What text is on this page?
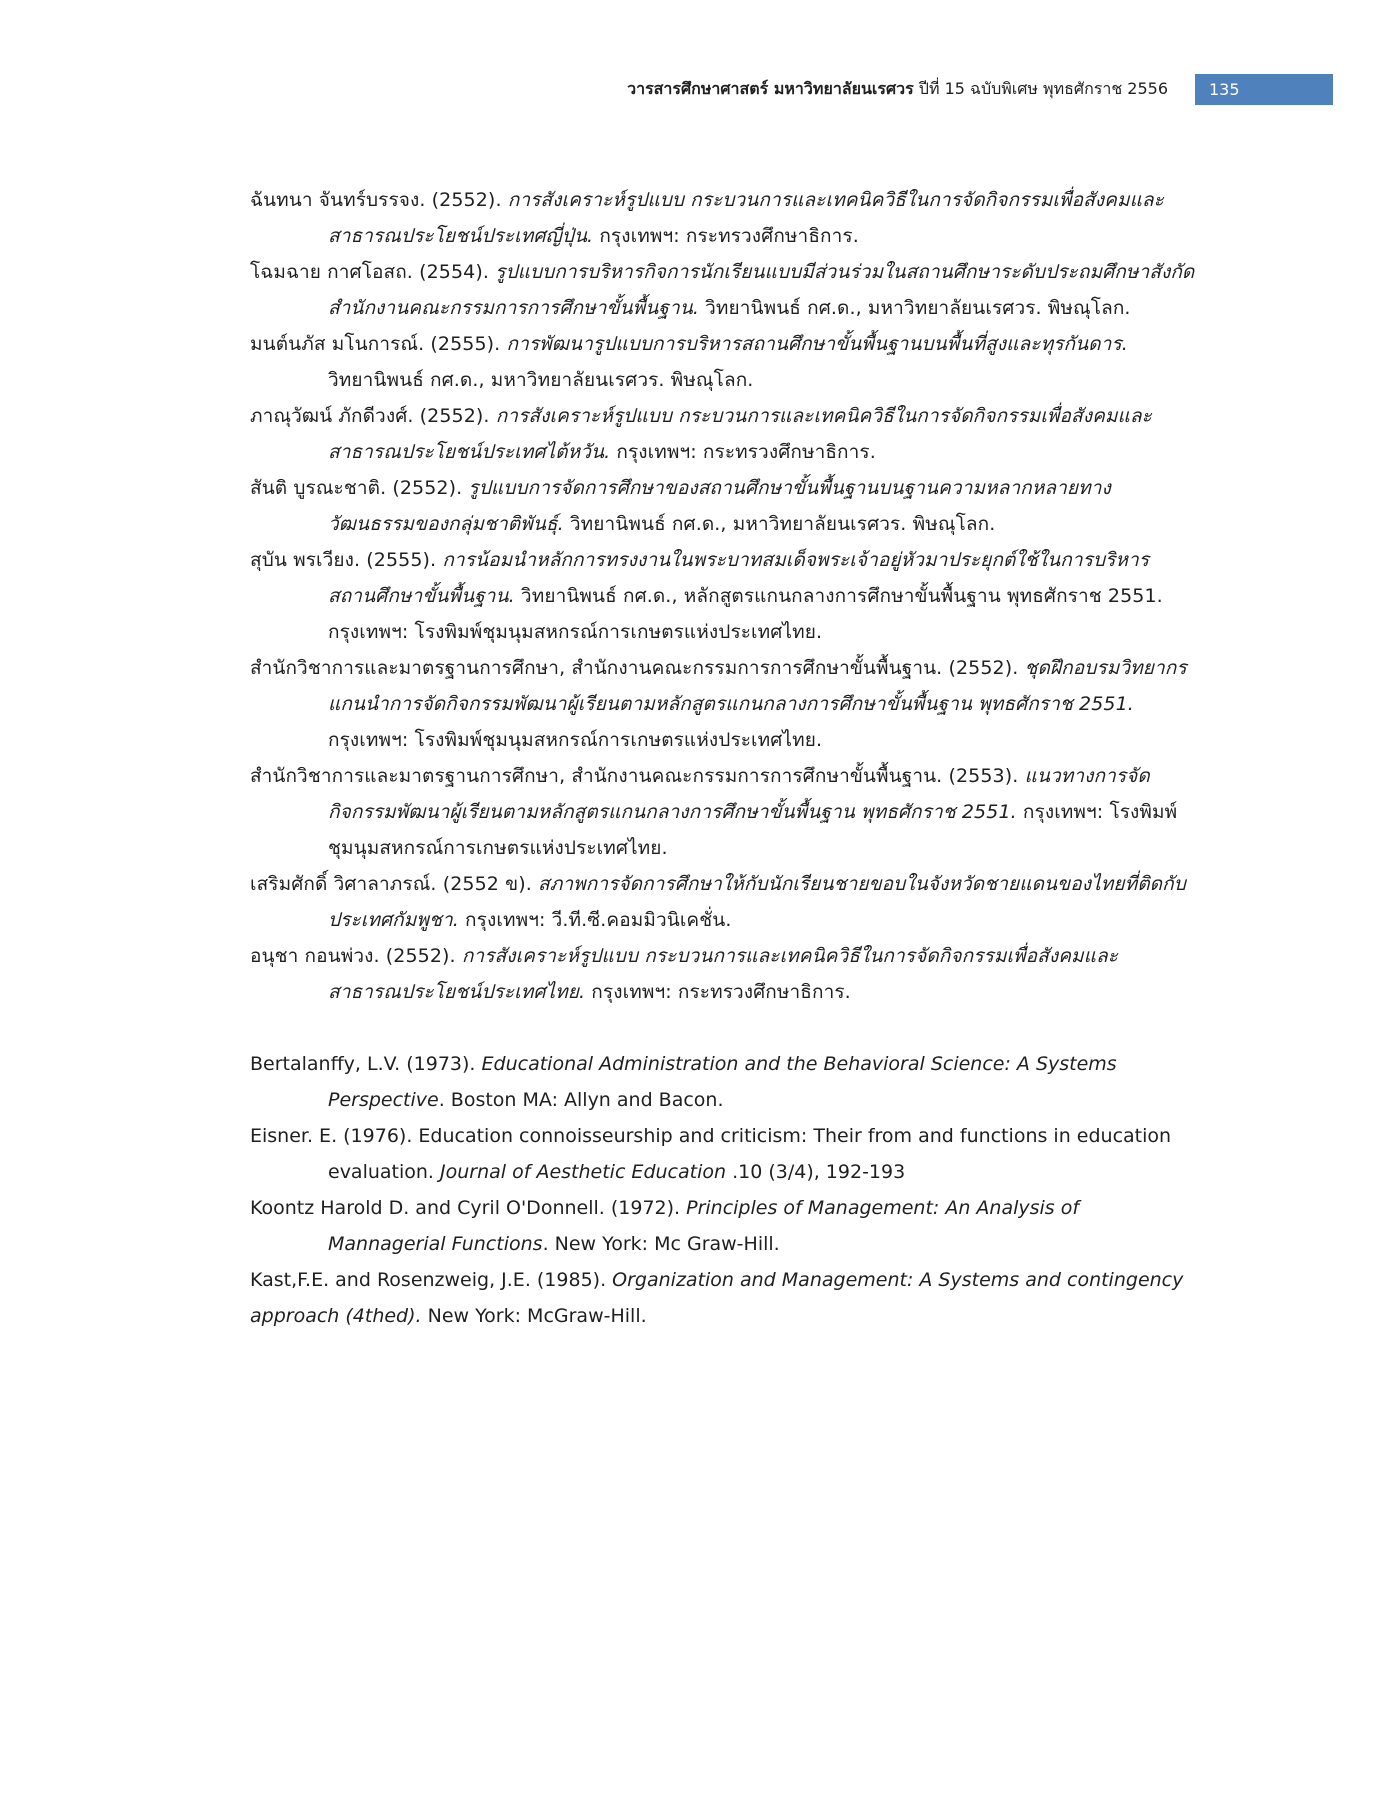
วารสารศึกษาศาสตร์ มหาวิทยาลัยนเรศวร ปีที่ 15 ฉบับพิเศษ พุทธศักราช 2556	135

ฉันทนา จันทร์บรรจง. (2552). การสังเคราะห์รูปแบบ กระบวนการและเทคนิควิธีในการจัดกิจกรรมเพื่อสังคมและสาธารณประโยชน์ประเทศญี่ปุ่น. กรุงเทพฯ: กระทรวงศึกษาธิการ.

โฉมฉาย กาศโอสถ. (2554). รูปแบบการบริหารกิจการนักเรียนแบบมีส่วนร่วมในสถานศึกษาระดับประถมศึกษาสังกัดสำนักงานคณะกรรมการการศึกษาขั้นพื้นฐาน. วิทยานิพนธ์ กศ.ด., มหาวิทยาลัยนเรศวร. พิษณุโลก.

มนต์นภัส มโนการณ์. (2555). การพัฒนารูปแบบการบริหารสถานศึกษาขั้นพื้นฐานบนพื้นที่สูงและทุรกันดาร. วิทยานิพนธ์ กศ.ด., มหาวิทยาลัยนเรศวร. พิษณุโลก.

ภาณุวัฒน์ ภักดีวงศ์. (2552). การสังเคราะห์รูปแบบ กระบวนการและเทคนิควิธีในการจัดกิจกรรมเพื่อสังคมและสาธารณประโยชน์ประเทศไต้หวัน. กรุงเทพฯ: กระทรวงศึกษาธิการ.

สันติ บูรณะชาติ. (2552). รูปแบบการจัดการศึกษาของสถานศึกษาขั้นพื้นฐานบนฐานความหลากหลายทางวัฒนธรรมของกลุ่มชาติพันธุ์. วิทยานิพนธ์ กศ.ด., มหาวิทยาลัยนเรศวร. พิษณุโลก.

สุบัน พรเวียง. (2555). การน้อมนำหลักการทรงงานในพระบาทสมเด็จพระเจ้าอยู่หัวมาประยุกต์ใช้ในการบริหารสถานศึกษาขั้นพื้นฐาน. วิทยานิพนธ์ กศ.ด., หลักสูตรแกนกลางการศึกษาขั้นพื้นฐาน พุทธศักราช 2551. กรุงเทพฯ: โรงพิมพ์ชุมนุมสหกรณ์การเกษตรแห่งประเทศไทย.

สำนักวิชาการและมาตรฐานการศึกษา, สำนักงานคณะกรรมการการศึกษาขั้นพื้นฐาน. (2552). ชุดฝึกอบรมวิทยากรแกนนำการจัดกิจกรรมพัฒนาผู้เรียนตามหลักสูตรแกนกลางการศึกษาขั้นพื้นฐาน พุทธศักราช 2551. กรุงเทพฯ: โรงพิมพ์ชุมนุมสหกรณ์การเกษตรแห่งประเทศไทย.

สำนักวิชาการและมาตรฐานการศึกษา, สำนักงานคณะกรรมการการศึกษาขั้นพื้นฐาน. (2553). แนวทางการจัดกิจกรรมพัฒนาผู้เรียนตามหลักสูตรแกนกลางการศึกษาขั้นพื้นฐาน พุทธศักราช 2551. กรุงเทพฯ: โรงพิมพ์ชุมนุมสหกรณ์การเกษตรแห่งประเทศไทย.

เสริมศักดิ์ วิศาลาภรณ์. (2552 ข). สภาพการจัดการศึกษาให้กับนักเรียนชายขอบในจังหวัดชายแดนของไทยที่ติดกับประเทศกัมพูชา. กรุงเทพฯ: วี.ที.ซี.คอมมิวนิเคชั่น.

อนุชา กอนพ่วง. (2552). การสังเคราะห์รูปแบบ กระบวนการและเทคนิควิธีในการจัดกิจกรรมเพื่อสังคมและสาธารณประโยชน์ประเทศไทย. กรุงเทพฯ: กระทรวงศึกษาธิการ.

Bertalanffy, L.V. (1973). Educational Administration and the Behavioral Science: A Systems Perspective. Boston MA: Allyn and Bacon.

Eisner. E. (1976). Education connoisseurship and criticism: Their from and functions in education evaluation. Journal of Aesthetic Education .10 (3/4), 192-193

Koontz Harold D. and Cyril O'Donnell. (1972). Principles of Management: An Analysis of Mannagerial Functions. New York: Mc Graw-Hill.

Kast,F.E. and Rosenzweig, J.E. (1985). Organization and Management: A Systems and contingency approach (4thed). New York: McGraw-Hill.
